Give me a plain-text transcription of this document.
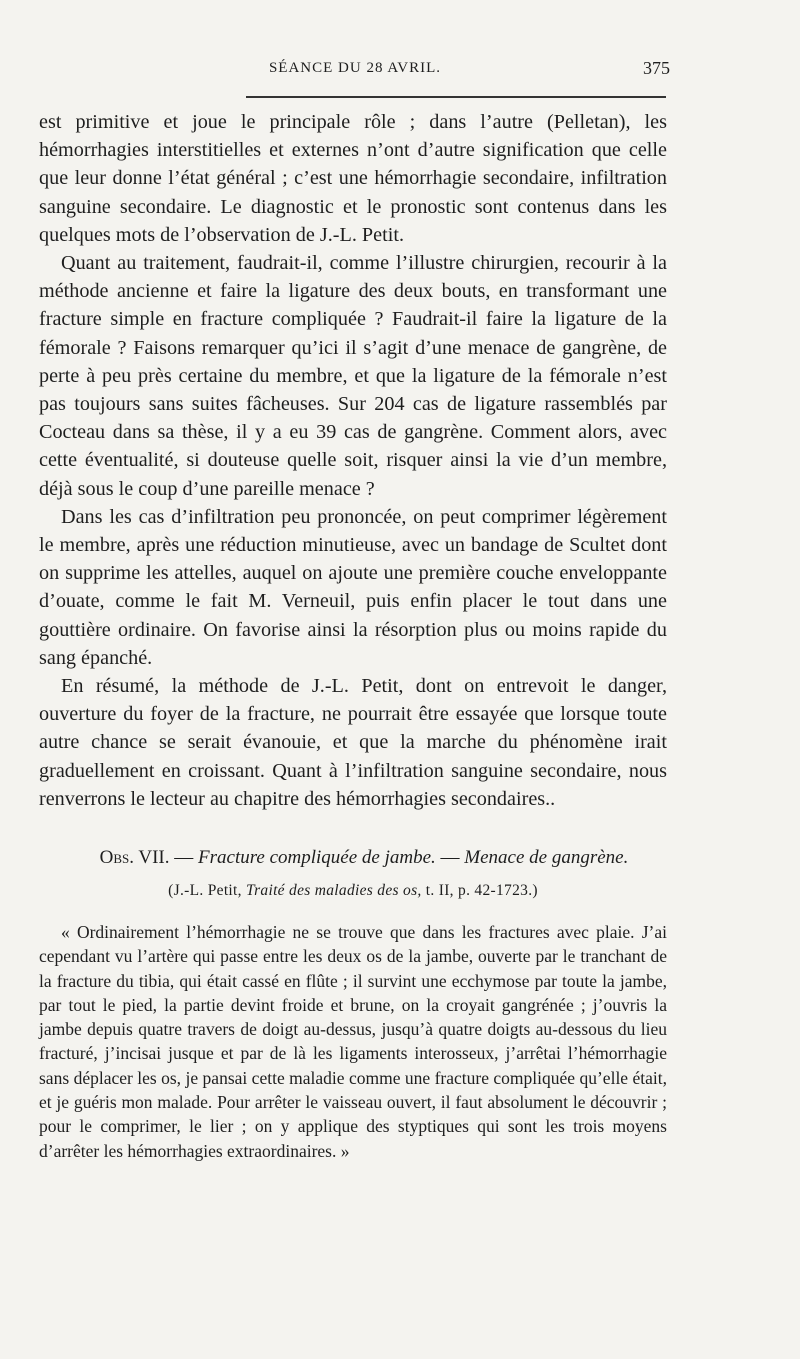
SÉANCE DU 28 AVRIL.	375

est primitive et joue le principale rôle ; dans l’autre (Pelletan), les hémorrhagies interstitielles et externes n’ont d’autre signification que celle que leur donne l’état général ; c’est une hémorrhagie secondaire, infiltration sanguine secondaire. Le diagnostic et le pronostic sont contenus dans les quelques mots de l’observation de J.-L. Petit.

Quant au traitement, faudrait-il, comme l’illustre chirurgien, recourir à la méthode ancienne et faire la ligature des deux bouts, en transformant une fracture simple en fracture compliquée ? Faudrait-il faire la ligature de la fémorale ? Faisons remarquer qu’ici il s’agit d’une menace de gangrène, de perte à peu près certaine du membre, et que la ligature de la fémorale n’est pas toujours sans suites fâcheuses. Sur 204 cas de ligature rassemblés par Cocteau dans sa thèse, il y a eu 39 cas de gangrène. Comment alors, avec cette éventualité, si douteuse quelle soit, risquer ainsi la vie d’un membre, déjà sous le coup d’une pareille menace ?

Dans les cas d’infiltration peu prononcée, on peut comprimer légèrement le membre, après une réduction minutieuse, avec un bandage de Scultet dont on supprime les attelles, auquel on ajoute une première couche enveloppante d’ouate, comme le fait M. Verneuil, puis enfin placer le tout dans une gouttière ordinaire. On favorise ainsi la résorption plus ou moins rapide du sang épanché.

En résumé, la méthode de J.-L. Petit, dont on entrevoit le danger, ouverture du foyer de la fracture, ne pourrait être essayée que lorsque toute autre chance se serait évanouie, et que la marche du phénomène irait graduellement en croissant. Quant à l’infiltration sanguine secondaire, nous renverrons le lecteur au chapitre des hémorrhagies secondaires..

Obs. VII. — Fracture compliquée de jambe. — Menace de gangrène.
(J.-L. Petit, Traité des maladies des os, t. II, p. 42-1723.)

« Ordinairement l’hémorrhagie ne se trouve que dans les fractures avec plaie. J’ai cependant vu l’artère qui passe entre les deux os de la jambe, ouverte par le tranchant de la fracture du tibia, qui était cassé en flûte ; il survint une ecchymose par toute la jambe, par tout le pied, la partie devint froide et brune, on la croyait gangrénée ; j’ouvris la jambe depuis quatre travers de doigt au-dessus, jusqu’à quatre doigts au-dessous du lieu fracturé, j’incisai jusque et par de là les ligaments interosseux, j’arrêtai l’hémorrhagie sans déplacer les os, je pansai cette maladie comme une fracture compliquée qu’elle était, et je guéris mon malade. Pour arrêter le vaisseau ouvert, il faut absolument le découvrir ; pour le comprimer, le lier ; on y applique des styptiques qui sont les trois moyens d’arrêter les hémorrhagies extraordinaires. »
